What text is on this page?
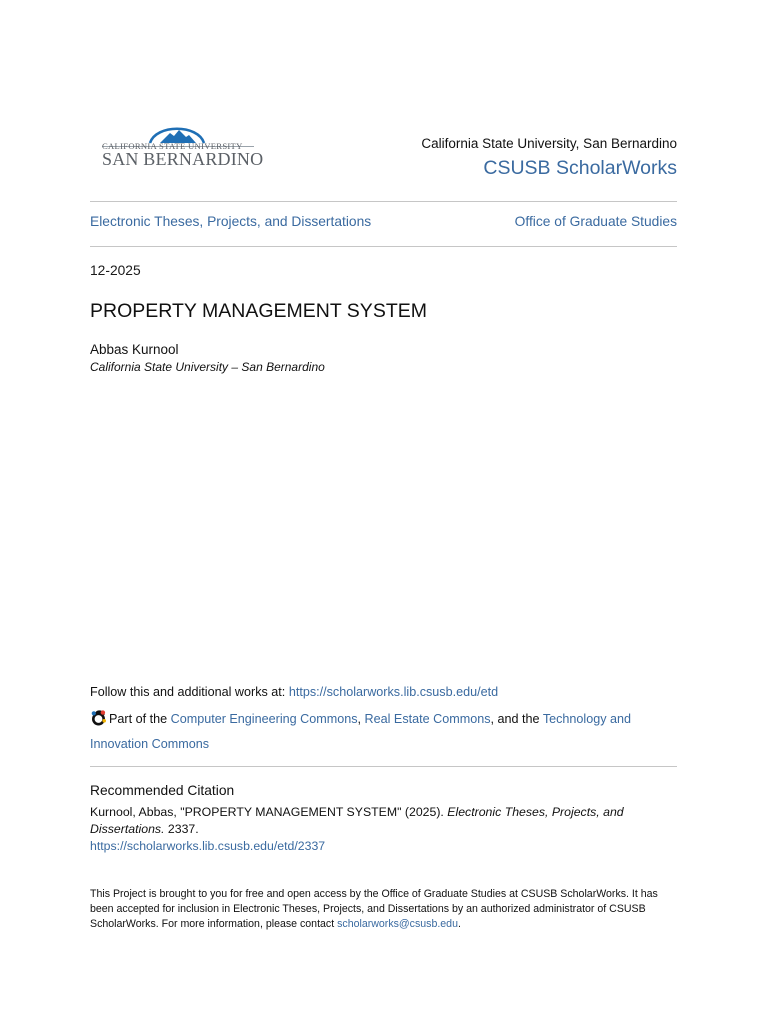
CALIFORNIA STATE UNIVERSITY
SAN BERNARDINO
California State University, San Bernardino
CSUSB ScholarWorks
Electronic Theses, Projects, and Dissertations	Office of Graduate Studies
12-2025
PROPERTY MANAGEMENT SYSTEM
Abbas Kurnool
California State University – San Bernardino
Follow this and additional works at: https://scholarworks.lib.csusb.edu/etd
Part of the Computer Engineering Commons, Real Estate Commons, and the Technology and Innovation Commons
Recommended Citation
Kurnool, Abbas, "PROPERTY MANAGEMENT SYSTEM" (2025). Electronic Theses, Projects, and Dissertations. 2337.
https://scholarworks.lib.csusb.edu/etd/2337
This Project is brought to you for free and open access by the Office of Graduate Studies at CSUSB ScholarWorks. It has been accepted for inclusion in Electronic Theses, Projects, and Dissertations by an authorized administrator of CSUSB ScholarWorks. For more information, please contact scholarworks@csusb.edu.
